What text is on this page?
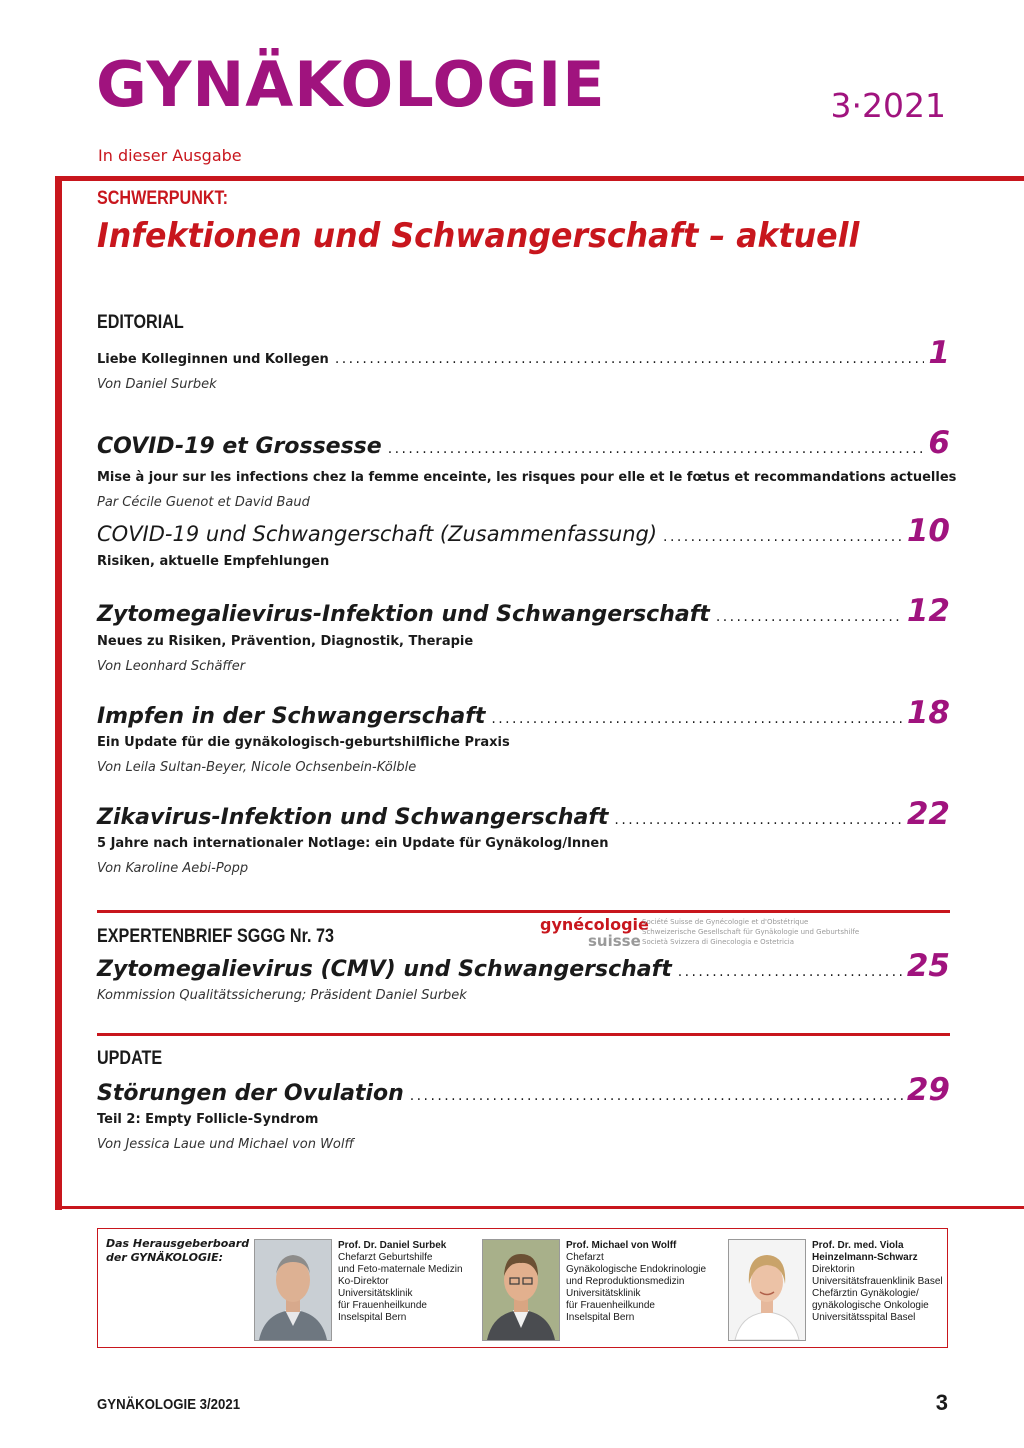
GYNÄKOLOGIE	3·2021
In dieser Ausgabe
SCHWERPUNKT:
Infektionen und Schwangerschaft – aktuell
EDITORIAL
Liebe Kolleginnen und Kollegen . . .	1
Von Daniel Surbek
COVID-19 et Grossesse . . .	6
Mise à jour sur les infections chez la femme enceinte, les risques pour elle et le fœtus et recommandations actuelles
Par Cécile Guenot et David Baud
COVID-19 und Schwangerschaft (Zusammenfassung) . . .	10
Risiken, aktuelle Empfehlungen
Zytomegalievirus-Infektion und Schwangerschaft . . .	12
Neues zu Risiken, Prävention, Diagnostik, Therapie
Von Leonhard Schäffer
Impfen in der Schwangerschaft . . .	18
Ein Update für die gynäkologisch-geburtshilfliche Praxis
Von Leila Sultan-Beyer, Nicole Ochsenbein-Kölble
Zikavirus-Infektion und Schwangerschaft . . .	22
5 Jahre nach internationaler Notlage: ein Update für Gynäkolog/Innen
Von Karoline Aebi-Popp
EXPERTENBRIEF SGGG Nr. 73
gynécologie
suisse
Société Suisse de Gynécologie et d'Obstétrique
Schweizerische Gesellschaft für Gynäkologie und Geburtshilfe
Società Svizzera di Ginecologia e Ostetricia
Zytomegalievirus (CMV) und Schwangerschaft . . .	25
Kommission Qualitätssicherung; Präsident Daniel Surbek
UPDATE
Störungen der Ovulation . . .	29
Teil 2: Empty Follicle-Syndrom
Von Jessica Laue und Michael von Wolff
Das Herausgeberboard
der GYNÄKOLOGIE:
Prof. Dr. Daniel Surbek
Chefarzt Geburtshilfe
und Feto-maternale Medizin
Ko-Direktor
Universitätsklinik
für Frauenheilkunde
Inselspital Bern
Prof. Michael von Wolff
Chefarzt
Gynäkologische Endokrinologie
und Reproduktionsmedizin
Universitätsklinik
für Frauenheilkunde
Inselspital Bern
Prof. Dr. med. Viola
Heinzelmann-Schwarz
Direktorin
Universitätsfrauenklinik Basel
Chefärztin Gynäkologie/
gynäkologische Onkologie
Universitätsspital Basel
GYNÄKOLOGIE 3/2021	3
